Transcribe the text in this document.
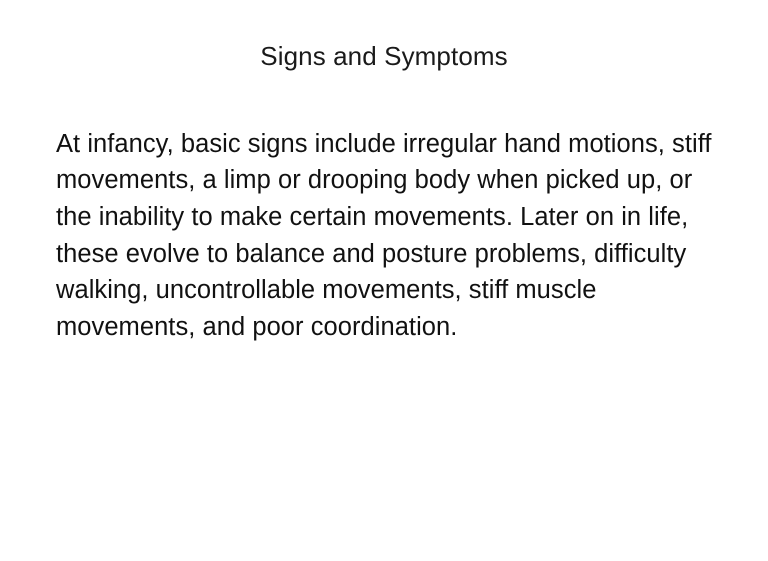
Signs and Symptoms

At infancy, basic signs include irregular hand motions, stiff movements, a limp or drooping body when picked up, or the inability to make certain movements. Later on in life, these evolve to balance and posture problems, difficulty walking, uncontrollable movements, stiff muscle movements, and poor coordination.
